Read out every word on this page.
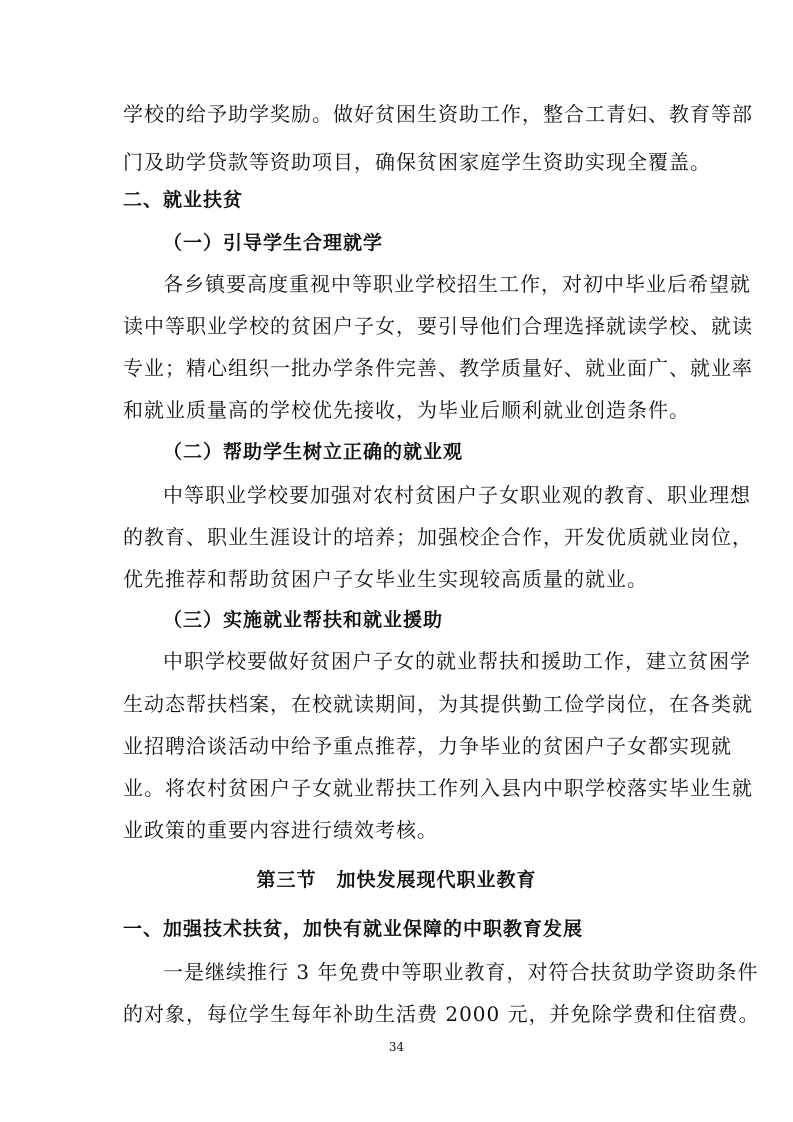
学校的给予助学奖励。做好贫困生资助工作，整合工青妇、教育等部
门及助学贷款等资助项目，确保贫困家庭学生资助实现全覆盖。
二、就业扶贫
（一）引导学生合理就学
各乡镇要高度重视中等职业学校招生工作，对初中毕业后希望就
读中等职业学校的贫困户子女，要引导他们合理选择就读学校、就读
专业；精心组织一批办学条件完善、教学质量好、就业面广、就业率
和就业质量高的学校优先接收，为毕业后顺利就业创造条件。
（二）帮助学生树立正确的就业观
中等职业学校要加强对农村贫困户子女职业观的教育、职业理想
的教育、职业生涯设计的培养；加强校企合作，开发优质就业岗位，
优先推荐和帮助贫困户子女毕业生实现较高质量的就业。
（三）实施就业帮扶和就业援助
中职学校要做好贫困户子女的就业帮扶和援助工作，建立贫困学
生动态帮扶档案，在校就读期间，为其提供勤工俭学岗位，在各类就
业招聘洽谈活动中给予重点推荐，力争毕业的贫困户子女都实现就
业。将农村贫困户子女就业帮扶工作列入县内中职学校落实毕业生就
业政策的重要内容进行绩效考核。
第三节　加快发展现代职业教育
一、加强技术扶贫，加快有就业保障的中职教育发展
一是继续推行 3 年免费中等职业教育，对符合扶贫助学资助条件
的对象，每位学生每年补助生活费 2000 元，并免除学费和住宿费。
34
